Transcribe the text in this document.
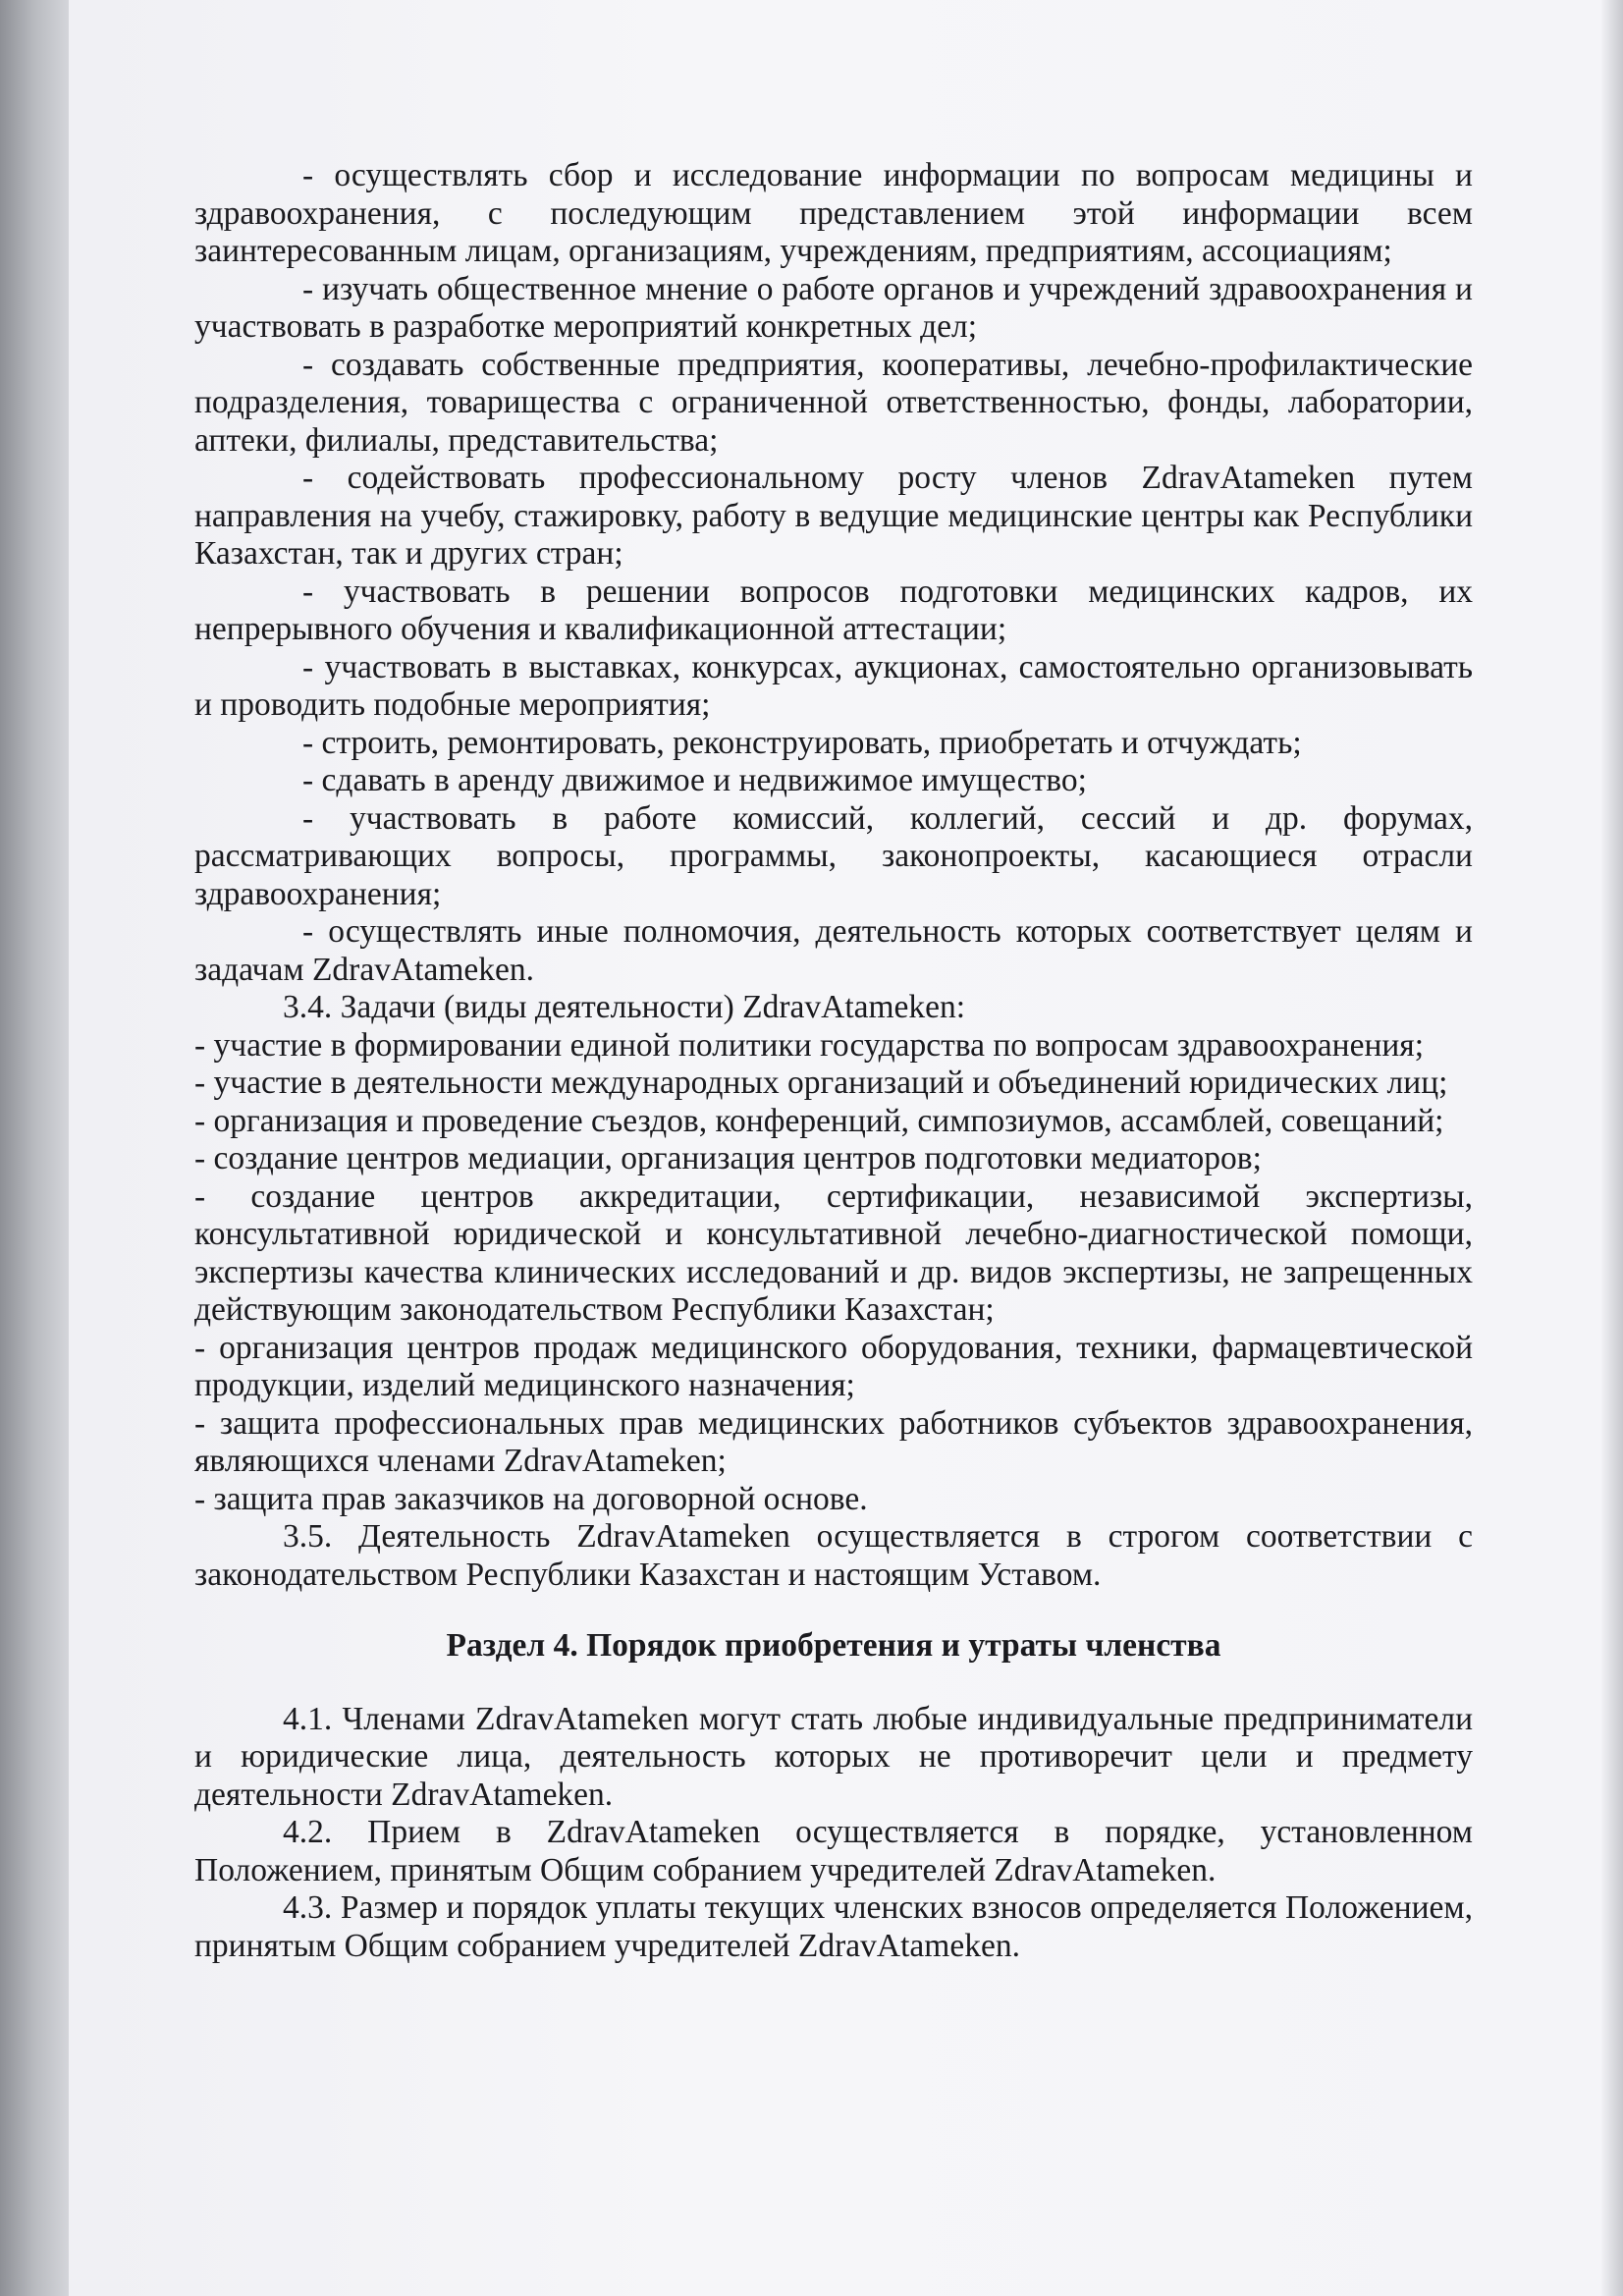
- осуществлять сбор и исследование информации по вопросам медицины и здравоохранения, с последующим представлением этой информации всем заинтересованным лицам, организациям, учреждениям, предприятиям, ассоциациям;

- изучать общественное мнение о работе органов и учреждений здравоохранения и участвовать в разработке мероприятий конкретных дел;

- создавать собственные предприятия, кооперативы, лечебно-профилактические подразделения, товарищества с ограниченной ответственностью, фонды, лаборатории, аптеки, филиалы, представительства;

- содействовать профессиональному росту членов ZdravAtameken путем направления на учебу, стажировку, работу в ведущие медицинские центры как Республики Казахстан, так и других стран;

- участвовать в решении вопросов подготовки медицинских кадров, их непрерывного обучения и квалификационной аттестации;

- участвовать в выставках, конкурсах, аукционах, самостоятельно организовывать и проводить подобные мероприятия;

- строить, ремонтировать, реконструировать, приобретать и отчуждать;

- сдавать в аренду движимое и недвижимое имущество;

- участвовать в работе комиссий, коллегий, сессий и др. форумах, рассматривающих вопросы, программы, законопроекты, касающиеся отрасли здравоохранения;

- осуществлять иные полномочия, деятельность которых соответствует целям и задачам ZdravAtameken.

3.4. Задачи (виды деятельности) ZdravAtameken:

- участие в формировании единой политики государства по вопросам здравоохранения;

- участие в деятельности международных организаций и объединений юридических лиц;

- организация и проведение съездов, конференций, симпозиумов, ассамблей, совещаний;

- создание центров медиации, организация центров подготовки медиаторов;

- создание центров аккредитации, сертификации, независимой экспертизы, консультативной юридической и консультативной лечебно-диагностической помощи, экспертизы качества клинических исследований и др. видов экспертизы, не запрещенных действующим законодательством Республики Казахстан;

- организация центров продаж медицинского оборудования, техники, фармацевтической продукции, изделий медицинского назначения;

- защита профессиональных прав медицинских работников субъектов здравоохранения, являющихся членами ZdravAtameken;

- защита прав заказчиков на договорной основе.

3.5. Деятельность ZdravAtameken осуществляется в строгом соответствии с законодательством Республики Казахстан и настоящим Уставом.

Раздел 4. Порядок приобретения и утраты членства

4.1. Членами ZdravAtameken могут стать любые индивидуальные предприниматели и юридические лица, деятельность которых не противоречит цели и предмету деятельности ZdravAtameken.

4.2. Прием в ZdravAtameken осуществляется в порядке, установленном Положением, принятым Общим собранием учредителей ZdravAtameken.

4.3. Размер и порядок уплаты текущих членских взносов определяется Положением, принятым Общим собранием учредителей ZdravAtameken.
